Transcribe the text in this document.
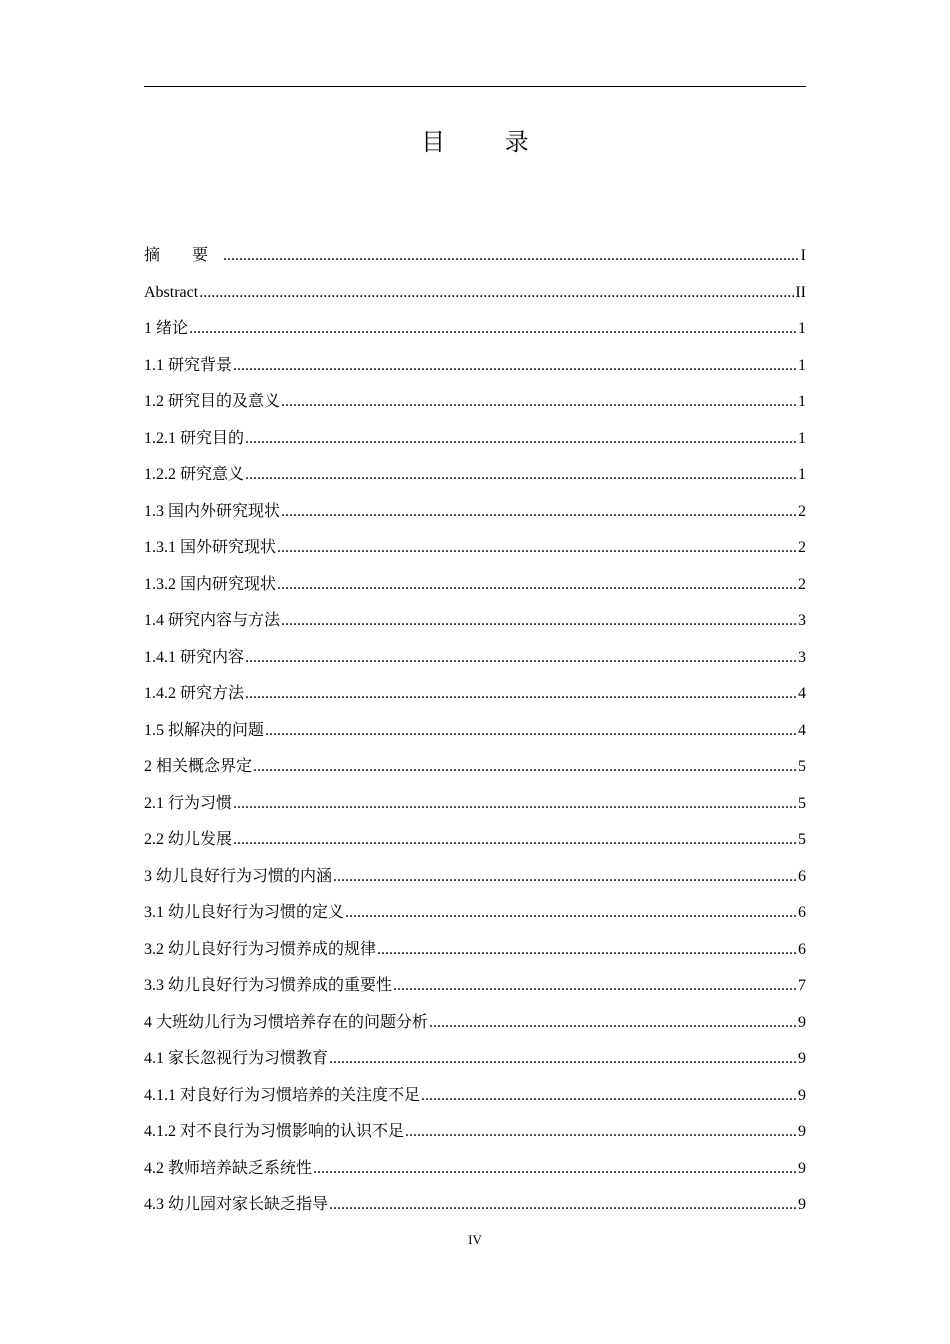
目 录
摘 要 .....	I
Abstract .....	II
1 绪论 .....	1
1.1 研究背景 .....	1
1.2 研究目的及意义 .....	1
1.2.1 研究目的 .....	1
1.2.2 研究意义 .....	1
1.3 国内外研究现状 .....	2
1.3.1 国外研究现状 .....	2
1.3.2 国内研究现状 .....	2
1.4 研究内容与方法 .....	3
1.4.1 研究内容 .....	3
1.4.2 研究方法 .....	4
1.5 拟解决的问题 .....	4
2 相关概念界定 .....	5
2.1 行为习惯 .....	5
2.2 幼儿发展 .....	5
3 幼儿良好行为习惯的内涵 .....	6
3.1 幼儿良好行为习惯的定义 .....	6
3.2 幼儿良好行为习惯养成的规律 .....	6
3.3 幼儿良好行为习惯养成的重要性 .....	7
4 大班幼儿行为习惯培养存在的问题分析 .....	9
4.1 家长忽视行为习惯教育 .....	9
4.1.1 对良好行为习惯培养的关注度不足 .....	9
4.1.2 对不良行为习惯影响的认识不足 .....	9
4.2 教师培养缺乏系统性 .....	9
4.3 幼儿园对家长缺乏指导 .....	9
IV
